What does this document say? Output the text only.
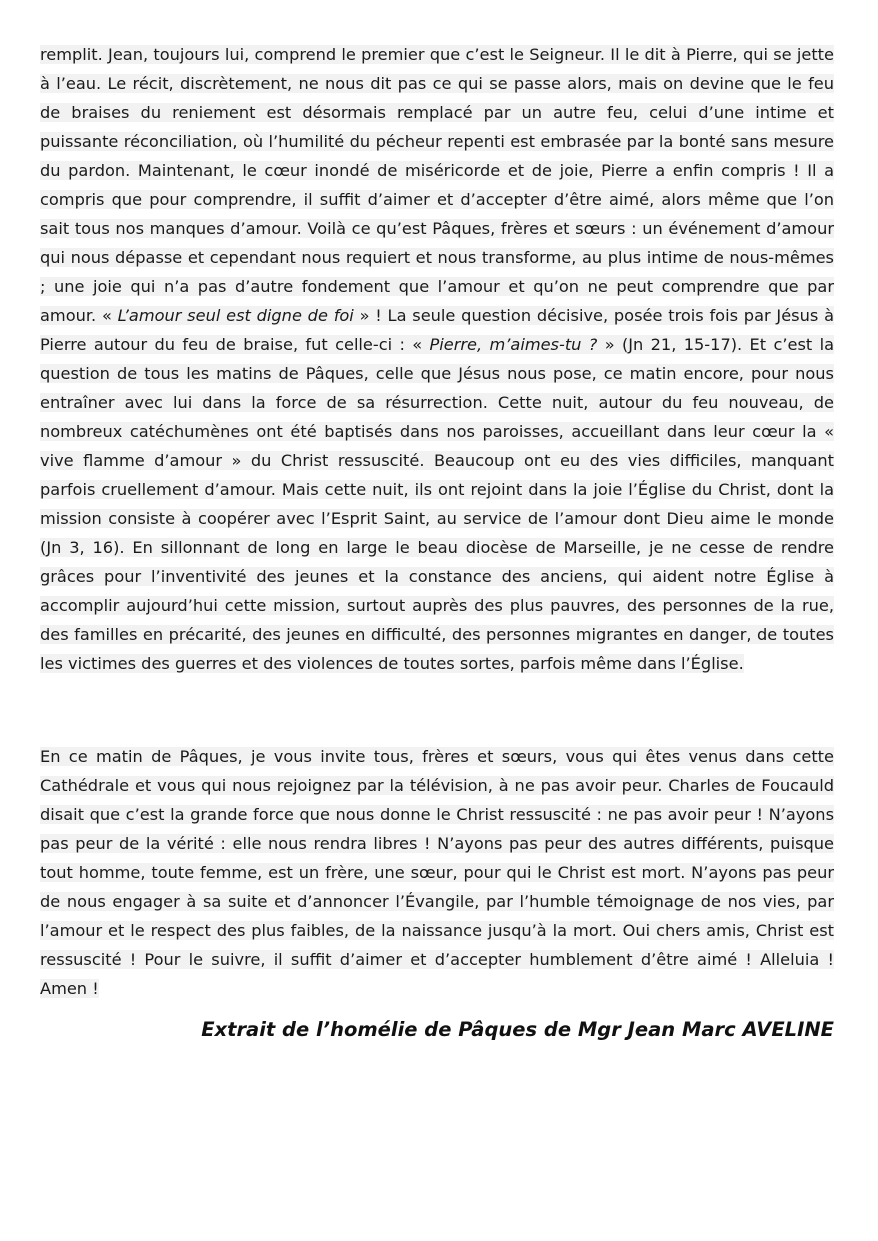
remplit. Jean, toujours lui, comprend le premier que c’est le Seigneur. Il le dit à Pierre, qui se jette à l’eau. Le récit, discrètement, ne nous dit pas ce qui se passe alors, mais on devine que le feu de braises du reniement est désormais remplacé par un autre feu, celui d’une intime et puissante réconciliation, où l’humilité du pécheur repenti est embrasée par la bonté sans mesure du pardon. Maintenant, le cœur inondé de miséricorde et de joie, Pierre a enfin compris ! Il a compris que pour comprendre, il suffit d’aimer et d’accepter d’être aimé, alors même que l’on sait tous nos manques d’amour. Voilà ce qu’est Pâques, frères et sœurs : un événement d’amour qui nous dépasse et cependant nous requiert et nous transforme, au plus intime de nous-mêmes ; une joie qui n’a pas d’autre fondement que l’amour et qu’on ne peut comprendre que par amour. « L’amour seul est digne de foi » ! La seule question décisive, posée trois fois par Jésus à Pierre autour du feu de braise, fut celle-ci : « Pierre, m’aimes-tu ? » (Jn 21, 15-17). Et c’est la question de tous les matins de Pâques, celle que Jésus nous pose, ce matin encore, pour nous entraîner avec lui dans la force de sa résurrection. Cette nuit, autour du feu nouveau, de nombreux catéchumènes ont été baptisés dans nos paroisses, accueillant dans leur cœur la « vive flamme d’amour » du Christ ressuscité. Beaucoup ont eu des vies difficiles, manquant parfois cruellement d’amour. Mais cette nuit, ils ont rejoint dans la joie l’Église du Christ, dont la mission consiste à coopérer avec l’Esprit Saint, au service de l’amour dont Dieu aime le monde (Jn 3, 16). En sillonnant de long en large le beau diocèse de Marseille, je ne cesse de rendre grâces pour l’inventivité des jeunes et la constance des anciens, qui aident notre Église à accomplir aujourd’hui cette mission, surtout auprès des plus pauvres, des personnes de la rue, des familles en précarité, des jeunes en difficulté, des personnes migrantes en danger, de toutes les victimes des guerres et des violences de toutes sortes, parfois même dans l’Église.

En ce matin de Pâques, je vous invite tous, frères et sœurs, vous qui êtes venus dans cette Cathédrale et vous qui nous rejoignez par la télévision, à ne pas avoir peur. Charles de Foucauld disait que c’est la grande force que nous donne le Christ ressuscité : ne pas avoir peur ! N’ayons pas peur de la vérité : elle nous rendra libres ! N’ayons pas peur des autres différents, puisque tout homme, toute femme, est un frère, une sœur, pour qui le Christ est mort. N’ayons pas peur de nous engager à sa suite et d’annoncer l’Évangile, par l’humble témoignage de nos vies, par l’amour et le respect des plus faibles, de la naissance jusqu’à la mort. Oui chers amis, Christ est ressuscité ! Pour le suivre, il suffit d’aimer et d’accepter humblement d’être aimé ! Alleluia ! Amen !

Extrait de l’homélie de Pâques de Mgr Jean Marc AVELINE
